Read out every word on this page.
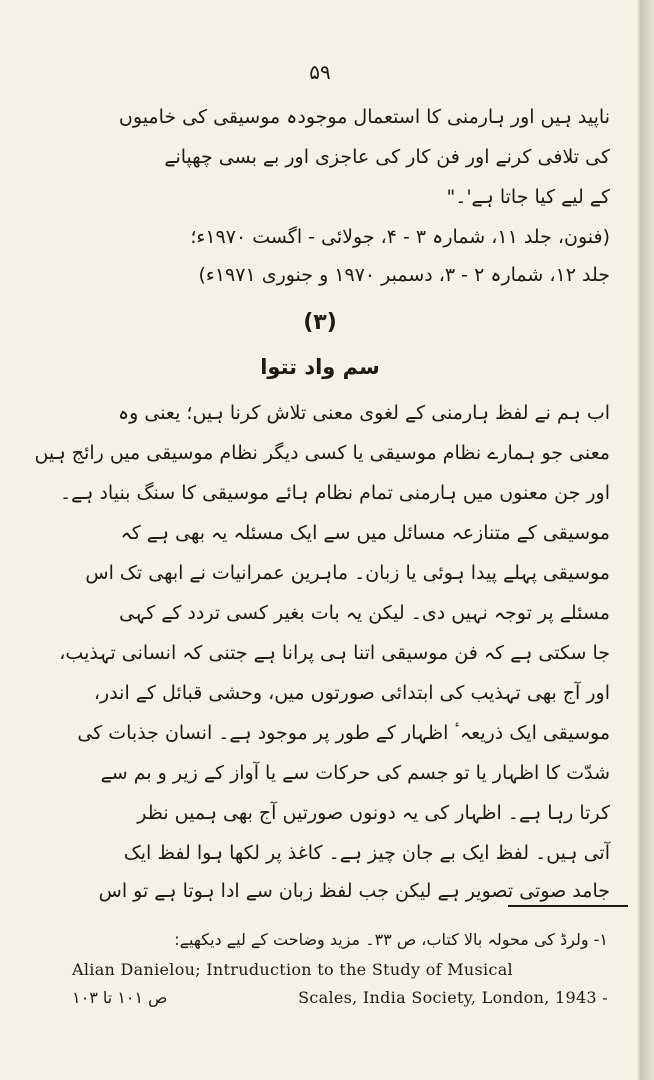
۵۹
ناپید ہیں اور ہارمنی کا استعمال موجودہ موسیقی کی خامیوں
کی تلافی کرنے اور فن کار کی عاجزی اور بے بسی چھپانے
کے لیے کیا جاتا ہے'۔"
(فنون، جلد ۱۱، شمارہ ۳ - ۴، جولائی - اگست ۱۹۷۰ء؛
جلد ۱۲، شمارہ ۲ - ۳، دسمبر ۱۹۷۰ و جنوری ۱۹۷۱ء)
(۳)
سم واد تتوا
اب ہم نے لفظ ہارمنی کے لغوی معنی تلاش کرنا ہیں؛ یعنی وہ
معنی جو ہمارے نظام موسیقی یا کسی دیگر نظام موسیقی میں رائج ہیں
اور جن معنوں میں ہارمنی تمام نظام ہائے موسیقی کا سنگ بنیاد ہے۔
موسیقی کے متنازعہ مسائل میں سے ایک مسئلہ یہ بھی ہے کہ
موسیقی پہلے پیدا ہوئی یا زبان۔ ماہرین عمرانیات نے ابھی تک اس
مسئلے پر توجہ نہیں دی۔ لیکن یہ بات بغیر کسی تردد کے کہی
جا سکتی ہے کہ فن موسیقی اتنا ہی پرانا ہے جتنی کہ انسانی تہذیب،
اور آج بھی تہذیب کی ابتدائی صورتوں میں، وحشی قبائل کے اندر،
موسیقی ایک ذریعہٴ اظہار کے طور پر موجود ہے۔ انسان جذبات کی
شدّت کا اظہار یا تو جسم کی حرکات سے یا آواز کے زیر و بم سے
کرتا رہا ہے۔ اظہار کی یہ دونوں صورتیں آج بھی ہمیں نظر
آتی ہیں۔ لفظ ایک بے جان چیز ہے۔ کاغذ پر لکھا ہوا لفظ ایک
جامد صوتی تصویر ہے لیکن جب لفظ زبان سے ادا ہوتا ہے تو اس
۱- ولرڈ کی محولہ بالا کتاب، ص ۳۳۔ مزید وضاحت کے لیے دیکھیے:
Alian Danielou; Intruduction to the Study of Musical
Scales, India Society, London, 1943 -
ص ۱۰۱ تا ۱۰۳
